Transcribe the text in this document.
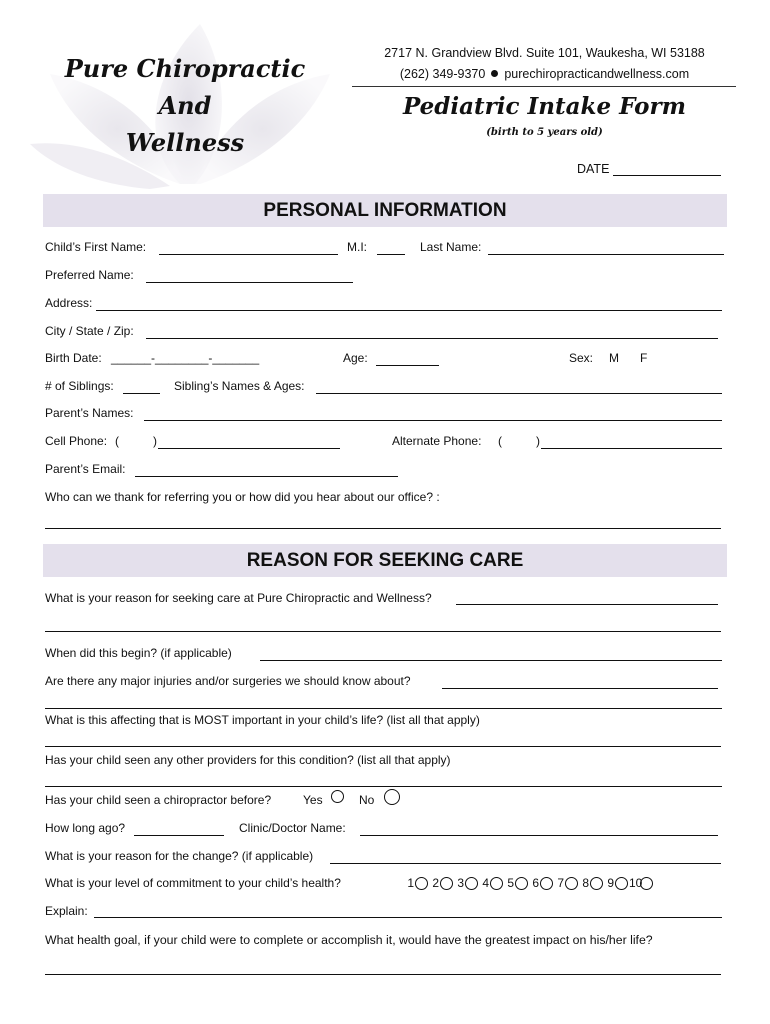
Pure Chiropractic
And
Wellness
2717 N. Grandview Blvd. Suite 101, Waukesha, WI 53188
(262) 349-9370 purechiropracticandwellness.com
Pediatric Intake Form
(birth to 5 years old)
DATE
PERSONAL INFORMATION
Child’s First Name:	M.I:	Last Name:
Preferred Name:
Address:
City / State / Zip:
Birth Date: ______-________-_______	Age:	Sex: M F
# of Siblings:	Sibling’s Names & Ages:
Parent’s Names:
Cell Phone: (	)	Alternate Phone: (	)
Parent’s Email:
Who can we thank for referring you or how did you hear about our office? :
REASON FOR SEEKING CARE
What is your reason for seeking care at Pure Chiropractic and Wellness?
When did this begin? (if applicable)
Are there any major injuries and/or surgeries we should know about?
What is this affecting that is MOST important in your child’s life? (list all that apply)
Has your child seen any other providers for this condition? (list all that apply)
Has your child seen a chiropractor before?	Yes	No
How long ago?	Clinic/Doctor Name:
What is your reason for the change? (if applicable)
What is your level of commitment to your child’s health?	1 2 3 4 5 6 7 8 9 10
Explain:
What health goal, if your child were to complete or accomplish it, would have the greatest impact on his/her life?
